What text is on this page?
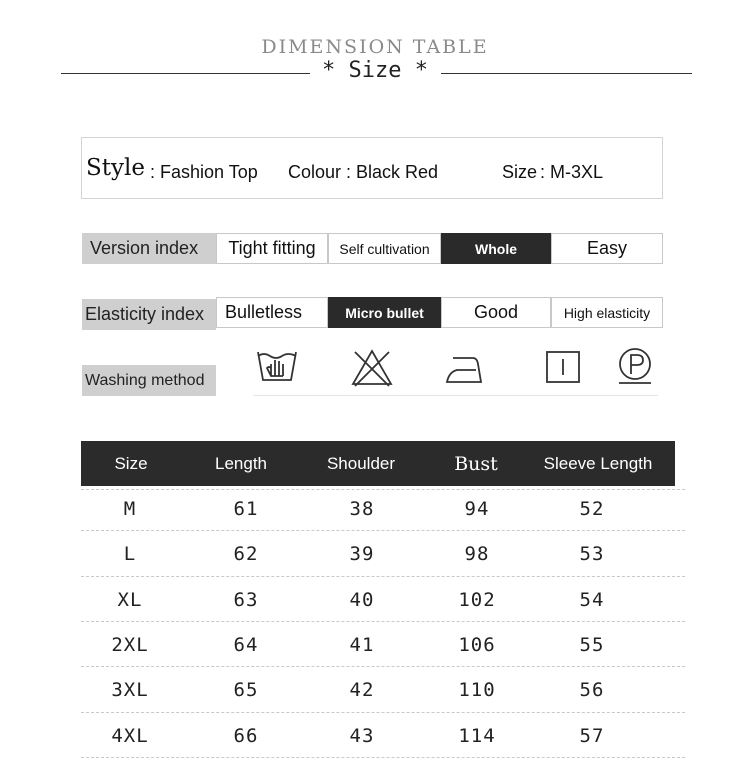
DIMENSION TABLE
* Size *
Style : Fashion Top Colour : Black Red	Size : M-3XL
Version index	Tight fitting	Self cultivation	Whole	Easy
Elasticity index	Bulletless	Micro bullet	Good	High elasticity
Washing method
Size	Length	Shoulder	Bust	Sleeve Length
M	61	38	94	52
L	62	39	98	53
XL	63	40	102	54
2XL	64	41	106	55
3XL	65	42	110	56
4XL	66	43	114	57
